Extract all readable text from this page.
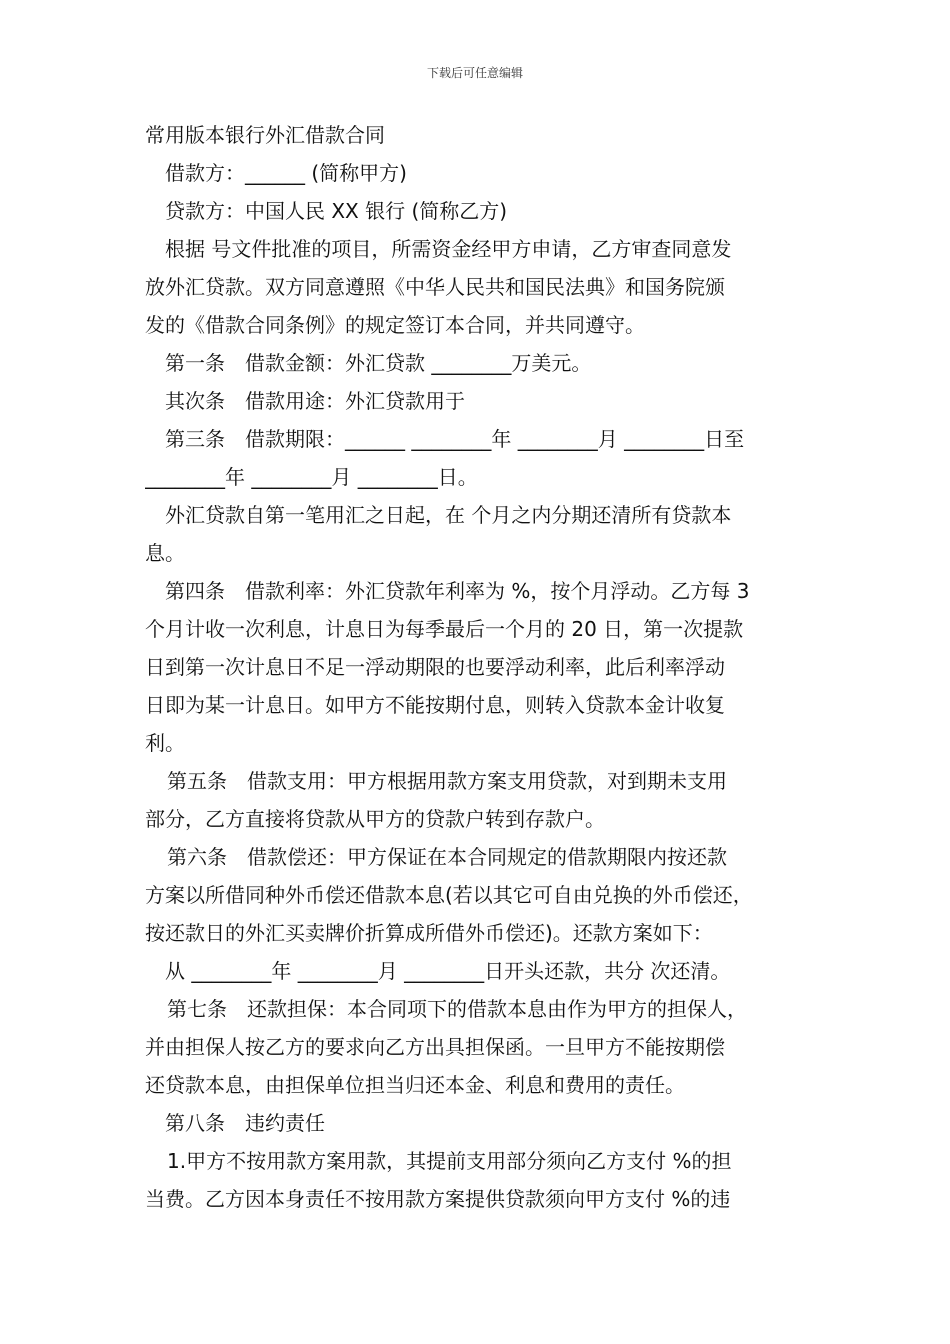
下载后可任意编辑
常用版本银行外汇借款合同
借款方：______ (简称甲方)
贷款方：中国人民 XX 银行 (简称乙方)
根据 号文件批准的项目，所需资金经甲方申请，乙方审查同意发
放外汇贷款。双方同意遵照《中华人民共和国民法典》和国务院颁
发的《借款合同条例》的规定签订本合同，并共同遵守。
第一条　借款金额：外汇贷款 ________万美元。
其次条　借款用途：外汇贷款用于
第三条　借款期限：______ ________年 ________月 ________日至
________年 ________月 ________日。
外汇贷款自第一笔用汇之日起，在 个月之内分期还清所有贷款本
息。
第四条　借款利率：外汇贷款年利率为 %，按个月浮动。乙方每 3
个月计收一次利息，计息日为每季最后一个月的 20 日，第一次提款
日到第一次计息日不足一浮动期限的也要浮动利率，此后利率浮动
日即为某一计息日。如甲方不能按期付息，则转入贷款本金计收复
利。
第五条　借款支用：甲方根据用款方案支用贷款，对到期未支用
部分，乙方直接将贷款从甲方的贷款户转到存款户。
第六条　借款偿还：甲方保证在本合同规定的借款期限内按还款
方案以所借同种外币偿还借款本息(若以其它可自由兑换的外币偿还，
按还款日的外汇买卖牌价折算成所借外币偿还)。还款方案如下：
从 ________年 ________月 ________日开头还款，共分 次还清。
第七条　还款担保：本合同项下的借款本息由作为甲方的担保人，
并由担保人按乙方的要求向乙方出具担保函。一旦甲方不能按期偿
还贷款本息，由担保单位担当归还本金、利息和费用的责任。
第八条　违约责任
1.甲方不按用款方案用款，其提前支用部分须向乙方支付 %的担
当费。乙方因本身责任不按用款方案提供贷款须向甲方支付 %的违
